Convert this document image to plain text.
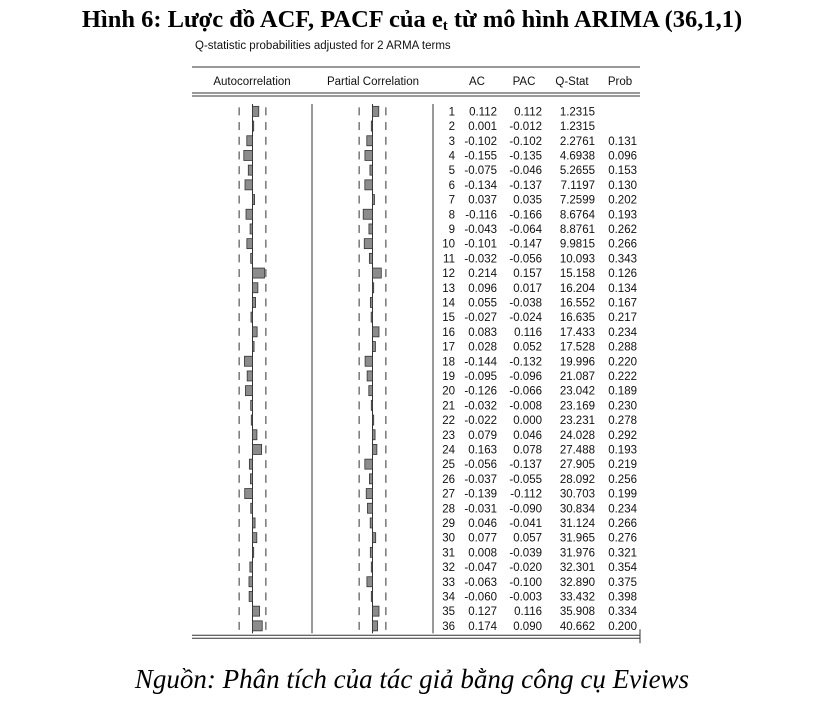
Hình 6: Lược đồ ACF, PACF của $e_t$ từ mô hình ARIMA (36,1,1)
Q-statistic probabilities adjusted for 2 ARMA terms
Autocorrelation	Partial Correlation	AC PAC Q-Stat Prob
1 0.112 0.112 1.2315
2 0.001 -0.012 1.2315
3 -0.102 -0.102 2.2761 0.131
4 -0.155 -0.135 4.6938 0.096
5 -0.075 -0.046 5.2655 0.153
6 -0.134 -0.137 7.1197 0.130
7 0.037 0.035 7.2599 0.202
8 -0.116 -0.166 8.6764 0.193
9 -0.043 -0.064 8.8761 0.262
10 -0.101 -0.147 9.9815 0.266
11 -0.032 -0.056 10.093 0.343
12 0.214 0.157 15.158 0.126
13 0.096 0.017 16.204 0.134
14 0.055 -0.038 16.552 0.167
15 -0.027 -0.024 16.635 0.217
16 0.083 0.116 17.433 0.234
17 0.028 0.052 17.528 0.288
18 -0.144 -0.132 19.996 0.220
19 -0.095 -0.096 21.087 0.222
20 -0.126 -0.066 23.042 0.189
21 -0.032 -0.008 23.169 0.230
22 -0.022 0.000 23.231 0.278
23 0.079 0.046 24.028 0.292
24 0.163 0.078 27.488 0.193
25 -0.056 -0.137 27.905 0.219
26 -0.037 -0.055 28.092 0.256
27 -0.139 -0.112 30.703 0.199
28 -0.031 -0.090 30.834 0.234
29 0.046 -0.041 31.124 0.266
30 0.077 0.057 31.965 0.276
31 0.008 -0.039 31.976 0.321
32 -0.047 -0.020 32.301 0.354
33 -0.063 -0.100 32.890 0.375
34 -0.060 -0.003 33.432 0.398
35 0.127 0.116 35.908 0.334
36 0.174 0.090 40.662 0.200
Nguồn: Phân tích của tác giả bằng công cụ Eviews
